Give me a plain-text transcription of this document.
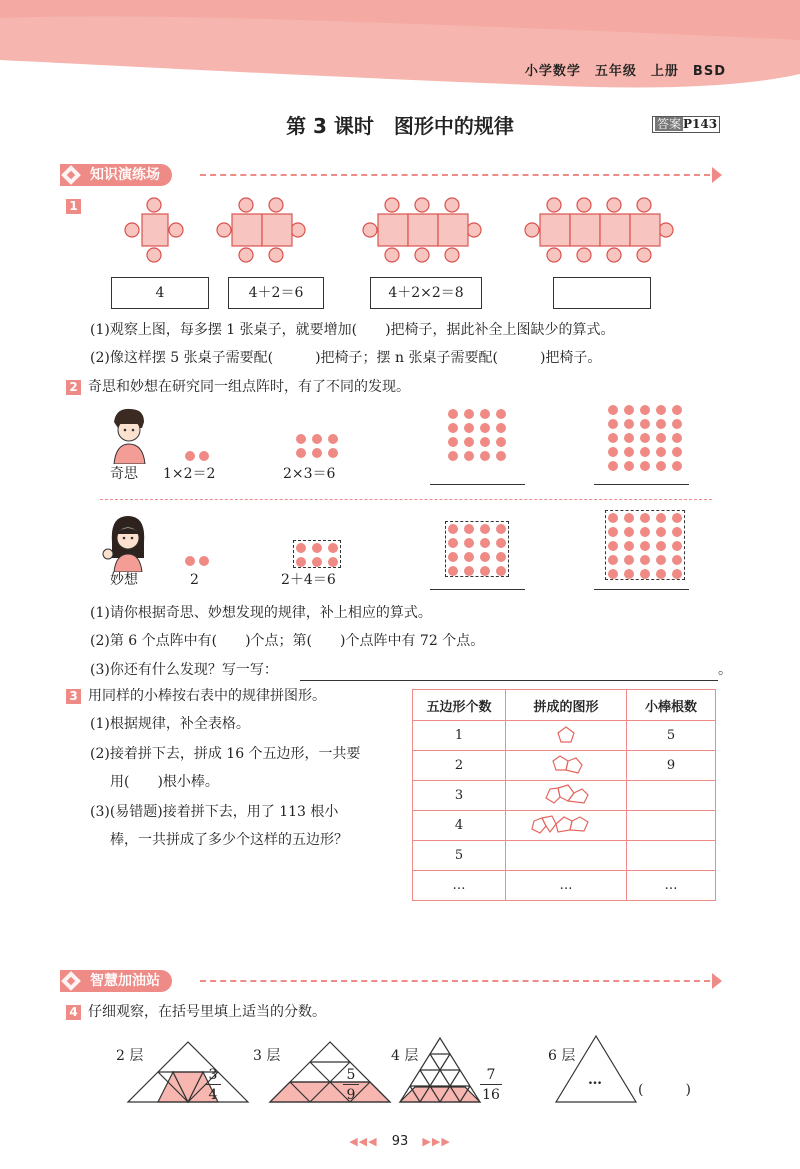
小学数学　五年级　上册　BSD
第 3 课时　图形中的规律	答案 P143
知识演练场
1
4	4＋2＝6	4＋2×2＝8
(1)观察上图，每多摆 1 张桌子，就要增加(　　)把椅子，据此补全上图缺少的算式。
(2)像这样摆 5 张桌子需要配(　　　)把椅子；摆 n 张桌子需要配(　　　)把椅子。
2 奇思和妙想在研究同一组点阵时，有了不同的发现。
奇思 1×2＝2	2×3＝6
妙想	2	2＋4＝6
(1)请你根据奇思、妙想发现的规律，补上相应的算式。
(2)第 6 个点阵中有(　　)个点；第(　　)个点阵中有 72 个点。
(3)你还有什么发现？写一写：	。
3 用同样的小棒按右表中的规律拼图形。
(1)根据规律，补全表格。
(2)接着拼下去，拼成 16 个五边形，一共要
用(　　)根小棒。
(3)(易错题)接着拼下去，用了 113 根小
棒，一共拼成了多少个这样的五边形？
五边形个数	拼成的图形	小棒根数
1		5
2		9
3		
4		
5		
…	…	…
智慧加油站
4 仔细观察，在括号里填上适当的分数。
2 层	3 层	4 层	6 层
3
4
5
9
7
16
…
(　　　)
◀◀◀ 93 ▶▶▶
